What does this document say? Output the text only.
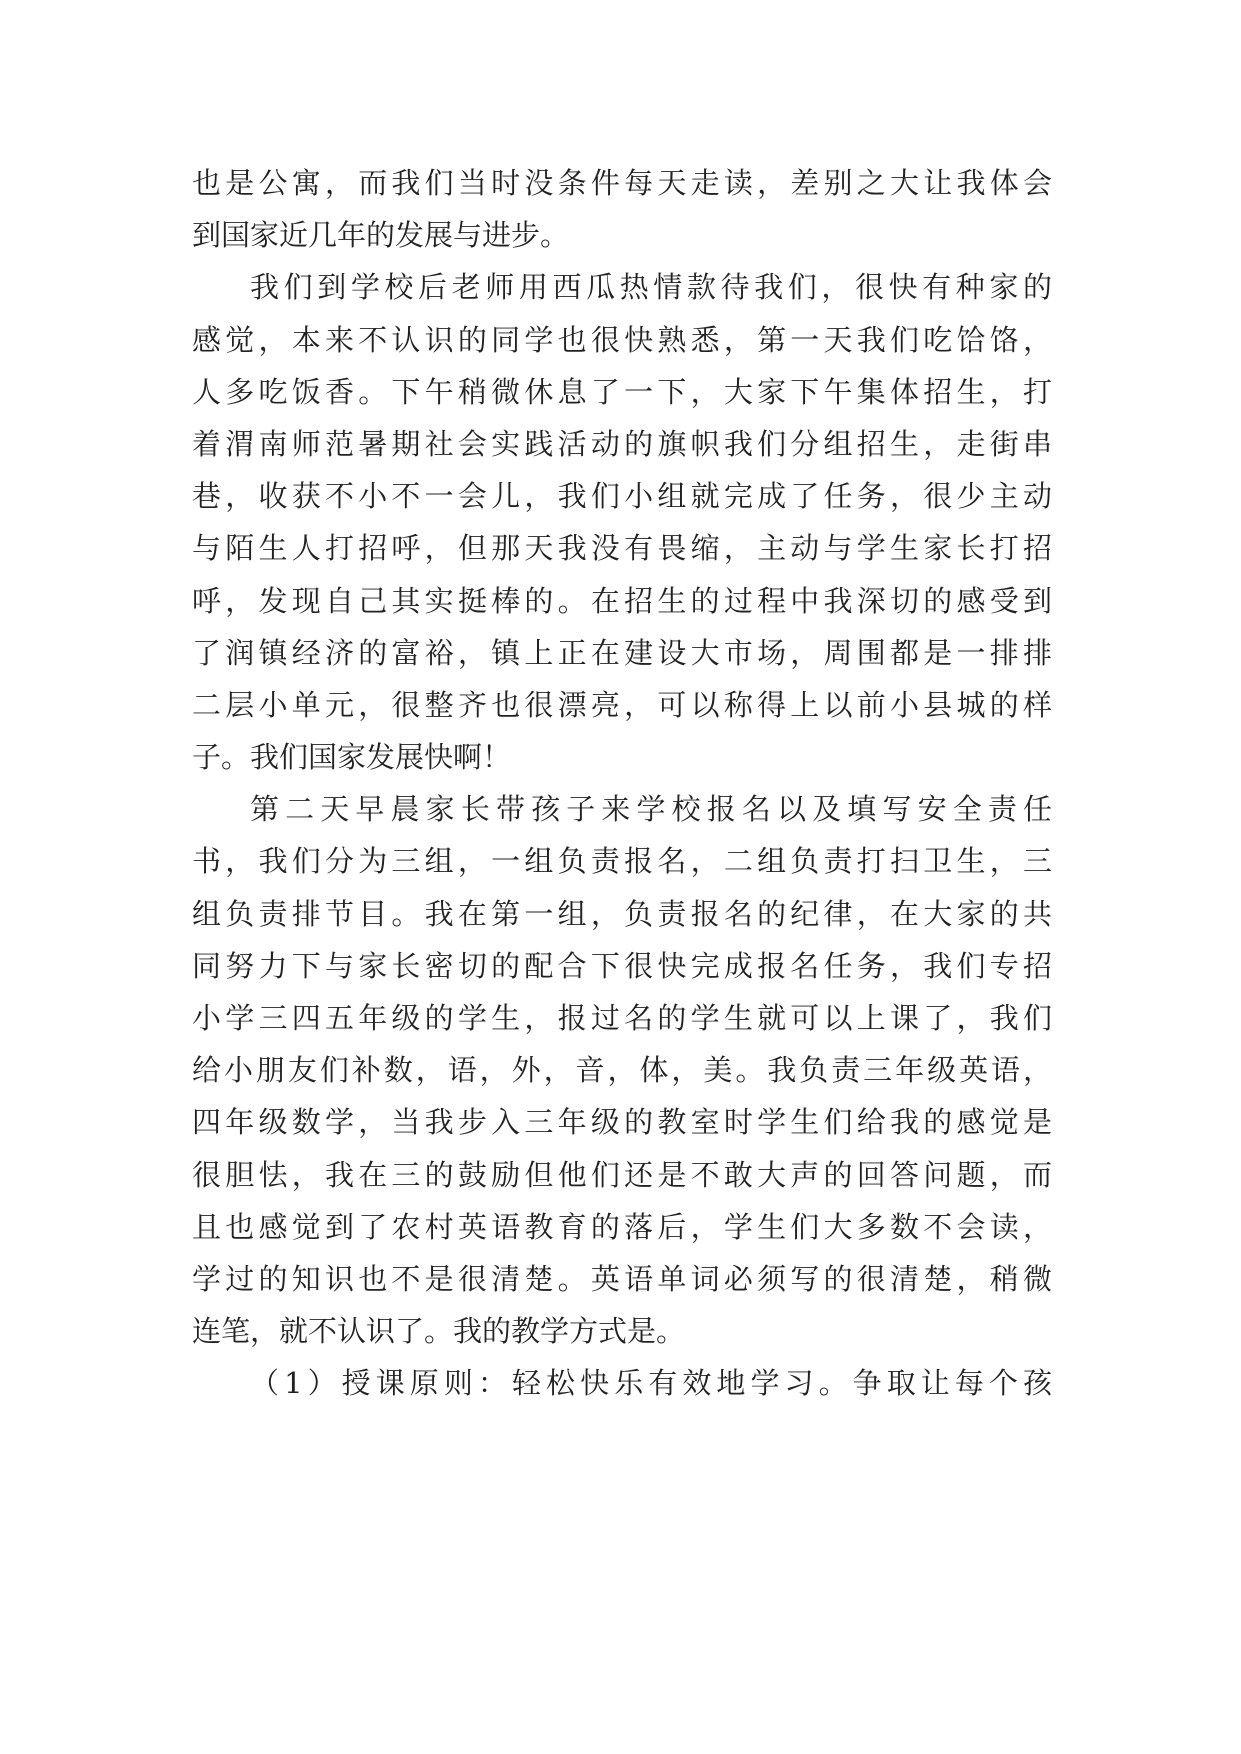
也是公寓，而我们当时没条件每天走读，差别之大让我体会
到国家近几年的发展与进步。
我们到学校后老师用西瓜热情款待我们，很快有种家的
感觉，本来不认识的同学也很快熟悉，第一天我们吃饸饹，
人多吃饭香。下午稍微休息了一下，大家下午集体招生，打
着渭南师范暑期社会实践活动的旗帜我们分组招生，走街串
巷，收获不小不一会儿，我们小组就完成了任务，很少主动
与陌生人打招呼，但那天我没有畏缩，主动与学生家长打招
呼，发现自己其实挺棒的。在招生的过程中我深切的感受到
了润镇经济的富裕，镇上正在建设大市场，周围都是一排排
二层小单元，很整齐也很漂亮，可以称得上以前小县城的样
子。我们国家发展快啊！
第二天早晨家长带孩子来学校报名以及填写安全责任
书，我们分为三组，一组负责报名，二组负责打扫卫生，三
组负责排节目。我在第一组，负责报名的纪律，在大家的共
同努力下与家长密切的配合下很快完成报名任务，我们专招
小学三四五年级的学生，报过名的学生就可以上课了，我们
给小朋友们补数，语，外，音，体，美。我负责三年级英语，
四年级数学，当我步入三年级的教室时学生们给我的感觉是
很胆怯，我在三的鼓励但他们还是不敢大声的回答问题，而
且也感觉到了农村英语教育的落后，学生们大多数不会读，
学过的知识也不是很清楚。英语单词必须写的很清楚，稍微
连笔，就不认识了。我的教学方式是。
（1）授课原则：轻松快乐有效地学习。争取让每个孩
